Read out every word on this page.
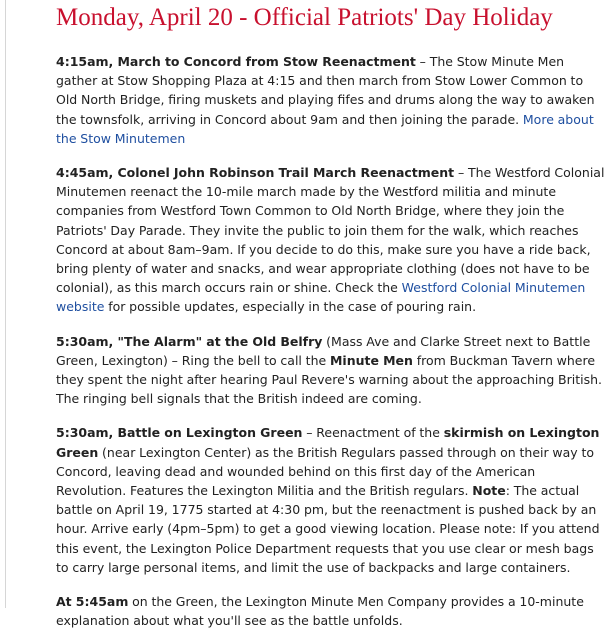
Monday, April 20 - Official Patriots' Day Holiday

4:15am, March to Concord from Stow Reenactment – The Stow Minute Men gather at Stow Shopping Plaza at 4:15 and then march from Stow Lower Common to Old North Bridge, firing muskets and playing fifes and drums along the way to awaken the townsfolk, arriving in Concord about 9am and then joining the parade. More about the Stow Minutemen

4:45am, Colonel John Robinson Trail March Reenactment – The Westford Colonial Minutemen reenact the 10-mile march made by the Westford militia and minute companies from Westford Town Common to Old North Bridge, where they join the Patriots' Day Parade. They invite the public to join them for the walk, which reaches Concord at about 8am–9am. If you decide to do this, make sure you have a ride back, bring plenty of water and snacks, and wear appropriate clothing (does not have to be colonial), as this march occurs rain or shine. Check the Westford Colonial Minutemen website for possible updates, especially in the case of pouring rain.

5:30am, "The Alarm" at the Old Belfry (Mass Ave and Clarke Street next to Battle Green, Lexington) – Ring the bell to call the Minute Men from Buckman Tavern where they spent the night after hearing Paul Revere's warning about the approaching British. The ringing bell signals that the British indeed are coming.

5:30am, Battle on Lexington Green – Reenactment of the skirmish on Lexington Green (near Lexington Center) as the British Regulars passed through on their way to Concord, leaving dead and wounded behind on this first day of the American Revolution. Features the Lexington Militia and the British regulars. Note: The actual battle on April 19, 1775 started at 4:30 pm, but the reenactment is pushed back by an hour. Arrive early (4pm–5pm) to get a good viewing location. Please note: If you attend this event, the Lexington Police Department requests that you use clear or mesh bags to carry large personal items, and limit the use of backpacks and large containers.

At 5:45am on the Green, the Lexington Minute Men Company provides a 10-minute explanation about what you'll see as the battle unfolds.
